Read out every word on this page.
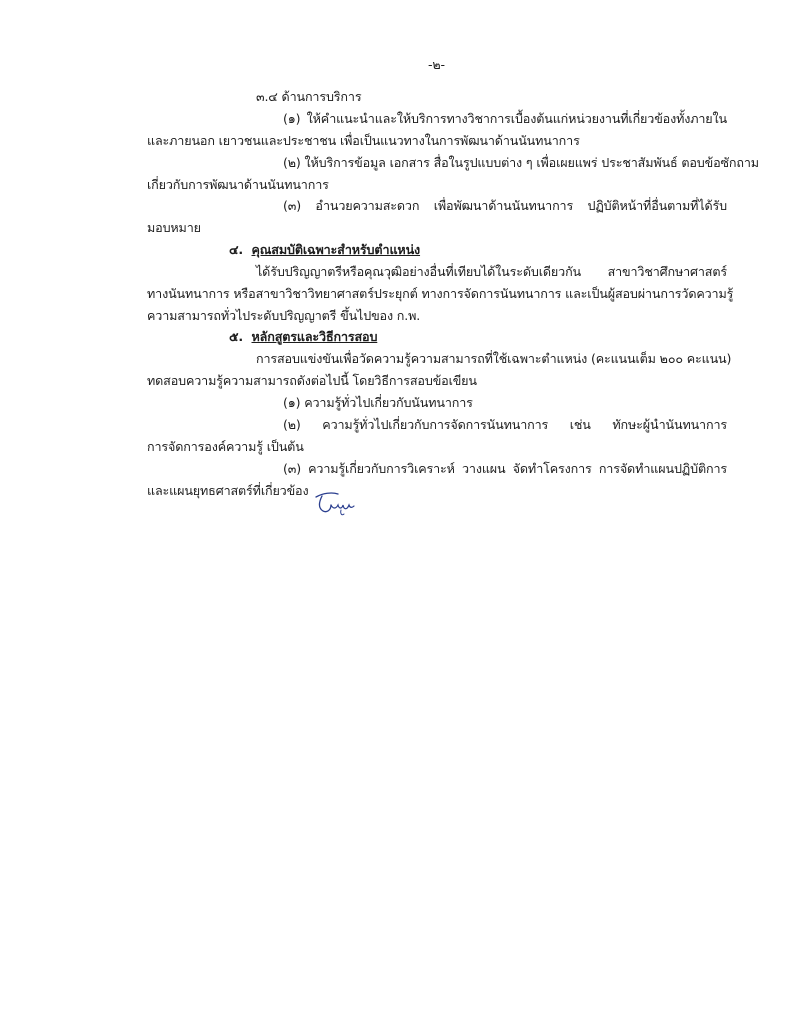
-๒-
๓.๔ ด้านการบริการ
(๑) ให้คำแนะนำและให้บริการทางวิชาการเบื้องต้นแก่หน่วยงานที่เกี่ยวข้องทั้งภายใน
และภายนอก เยาวชนและประชาชน เพื่อเป็นแนวทางในการพัฒนาด้านนันทนาการ
(๒) ให้บริการข้อมูล เอกสาร สื่อในรูปแบบต่าง ๆ เพื่อเผยแพร่ ประชาสัมพันธ์ ตอบข้อซักถาม
เกี่ยวกับการพัฒนาด้านนันทนาการ
(๓) อำนวยความสะดวก เพื่อพัฒนาด้านนันทนาการ ปฏิบัติหน้าที่อื่นตามที่ได้รับ
มอบหมาย
๔. คุณสมบัติเฉพาะสำหรับตำแหน่ง
ได้รับปริญญาตรีหรือคุณวุฒิอย่างอื่นที่เทียบได้ในระดับเดียวกัน สาขาวิชาศึกษาศาสตร์
ทางนันทนาการ หรือสาขาวิชาวิทยาศาสตร์ประยุกต์ ทางการจัดการนันทนาการ และเป็นผู้สอบผ่านการวัดความรู้
ความสามารถทั่วไประดับปริญญาตรี ขึ้นไปของ ก.พ.
๕. หลักสูตรและวิธีการสอบ
การสอบแข่งขันเพื่อวัดความรู้ความสามารถที่ใช้เฉพาะตำแหน่ง (คะแนนเต็ม ๒๐๐ คะแนน)
ทดสอบความรู้ความสามารถดังต่อไปนี้ โดยวิธีการสอบข้อเขียน
(๑) ความรู้ทั่วไปเกี่ยวกับนันทนาการ
(๒) ความรู้ทั่วไปเกี่ยวกับการจัดการนันทนาการ เช่น ทักษะผู้นำนันทนาการ
การจัดการองค์ความรู้ เป็นต้น
(๓) ความรู้เกี่ยวกับการวิเคราะห์ วางแผน จัดทำโครงการ การจัดทำแผนปฏิบัติการ
และแผนยุทธศาสตร์ที่เกี่ยวข้อง
